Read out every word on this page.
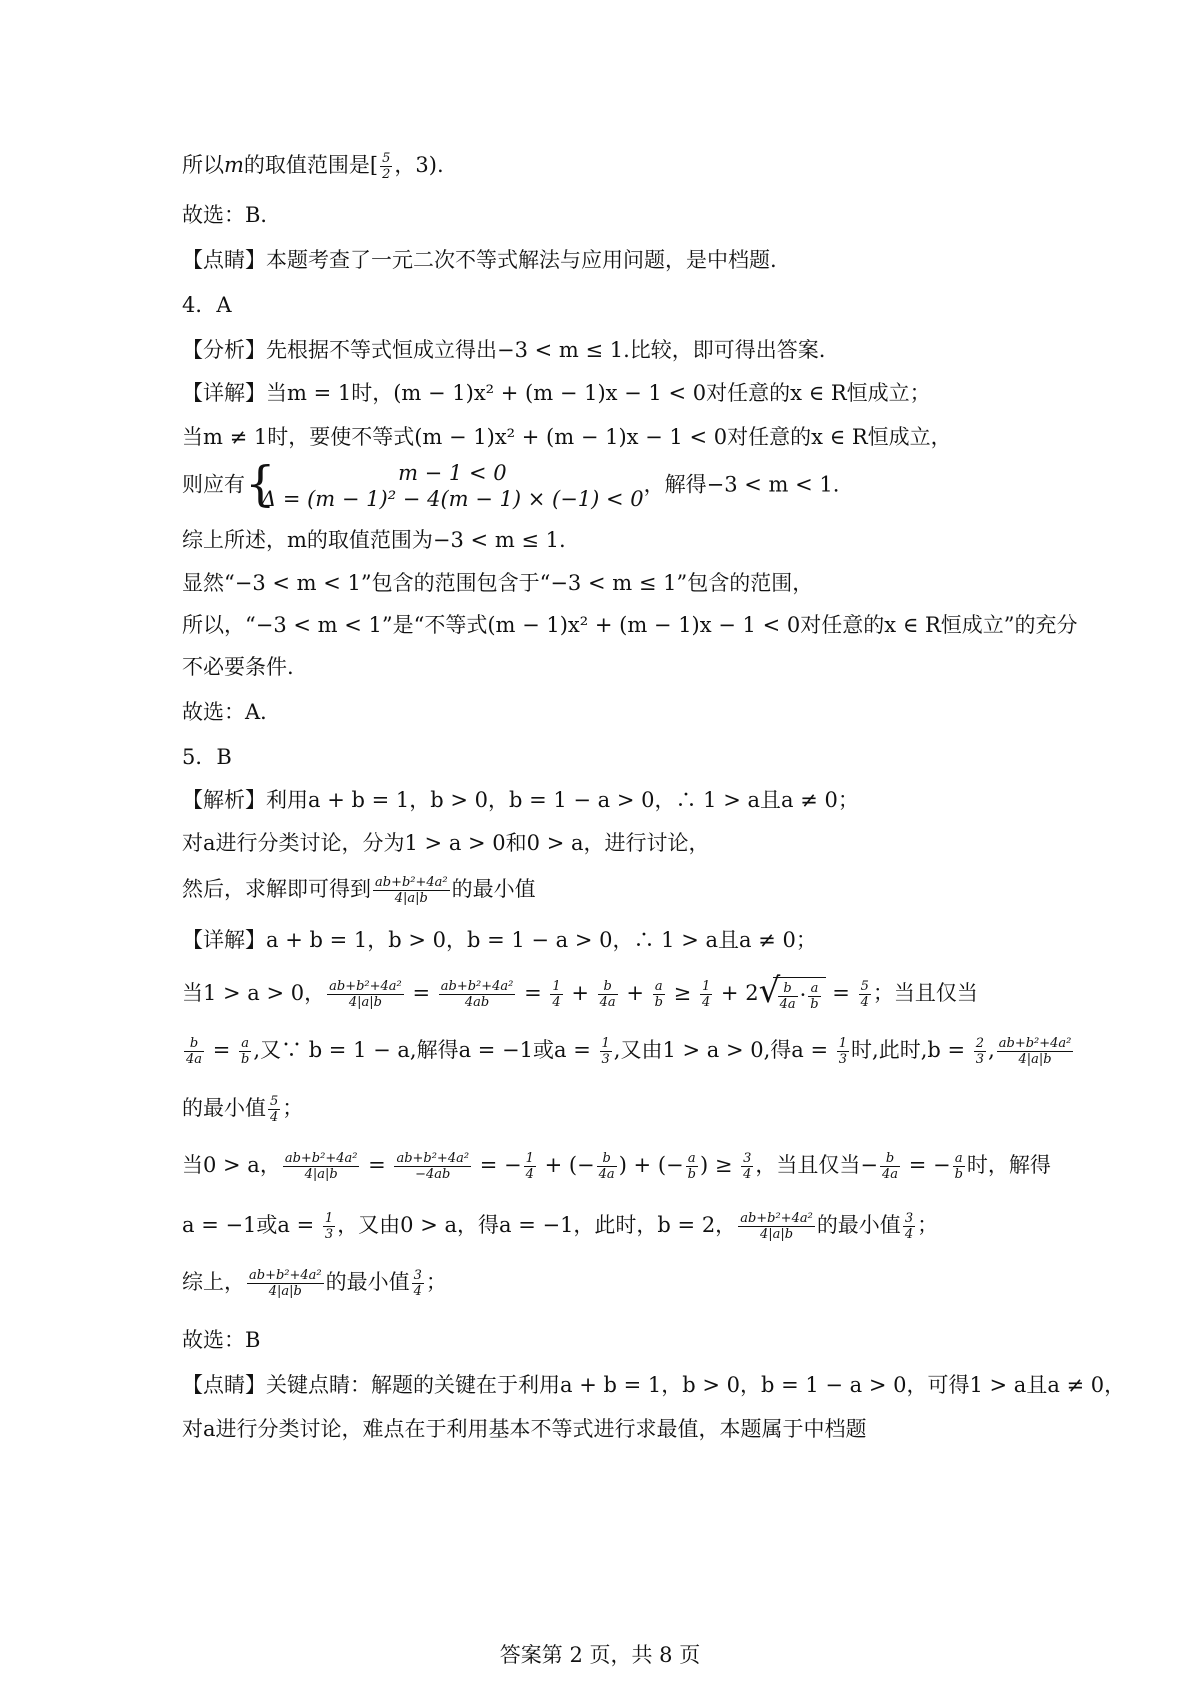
所以m的取值范围是[ $\frac{5}{2}$ ，3).
故选：B．
【点睛】本题考查了一元二次不等式解法与应用问题，是中档题.
4．A
【分析】先根据不等式恒成立得出−3 < m ≤ 1.比较，即可得出答案.
【详解】当m = 1时，(m − 1)x² + (m − 1)x − 1 < 0对任意的x ∈ R恒成立；
当m ≠ 1时，要使不等式(m − 1)x² + (m − 1)x − 1 < 0对任意的x ∈ R恒成立，
则应有 {	m − 1 < 0
Δ = (m − 1)² − 4(m − 1) × (−1) < 0
，解得−3 < m < 1.
综上所述，m的取值范围为−3 < m ≤ 1.
显然“−3 < m < 1”包含的范围包含于“−3 < m ≤ 1”包含的范围，
所以，“−3 < m < 1”是“不等式(m − 1)x² + (m − 1)x − 1 < 0对任意的x ∈ R恒成立”的充分
不必要条件.
故选：A．
5．B
【解析】利用a + b = 1，b > 0，b = 1 − a > 0，∴ 1 > a且a ≠ 0；
对a进行分类讨论，分为1 > a > 0和0 > a，进行讨论，
然后，求解即可得到 $\frac{\text{ab+b²+4a²}}{4|a|b}$ 的最小值
【详解】a + b = 1，b > 0，b = 1 − a > 0，∴ 1 > a且a ≠ 0；
当1 > a > 0， $\frac{\text{ab+b²+4a²}}{4|a|b} = \frac{\text{ab+b²+4a²}}{4ab} = \frac{1}{4} + \frac{b}{4a} + \frac{a}{b} \ge \frac{1}{4} + 2$ √
$\frac{b}{4a} \cdot \frac{a}{b} = \frac{5}{4}$ ；当且仅当
$\frac{b}{4a} = \frac{a}{b}$ ,又∵ b = 1 − a,解得a = −1或$a = \frac{1}{3}$ ,又由1 > a > 0,得$a = \frac{1}{3}$ 时,此时$,b = \frac{2}{3}$ , $\frac{\text{ab+b²+4a²}}{4|a|b}$
的最小值 $\frac{5}{4}$ ；
当0 > a， $\frac{\text{ab+b²+4a²}}{4|a|b} = \frac{\text{ab+b²+4a²}}{-4ab}$ = − $\frac{1}{4}$ + (− $\frac{b}{4a}$ ) + (− $\frac{a}{b}$ ) ≥ $\frac{3}{4}$ ，当且仅当− $\frac{b}{4a}$ = − $\frac{a}{b}$ 时，解得
a = −1或$a = \frac{1}{3}$ ，又由0 > a，得a = −1，此时，b = 2， $\frac{\text{ab+b²+4a²}}{4|a|b}$ 的最小值 $\frac{3}{4}$ ；
综上， $\frac{\text{ab+b²+4a²}}{4|a|b}$ 的最小值 $\frac{3}{4}$ ；
故选：B
【点睛】关键点睛：解题的关键在于利用a + b = 1，b > 0，b = 1 − a > 0，可得1 > a且a ≠ 0，
对a进行分类讨论，难点在于利用基本不等式进行求最值，本题属于中档题
答案第 2 页，共 8 页
